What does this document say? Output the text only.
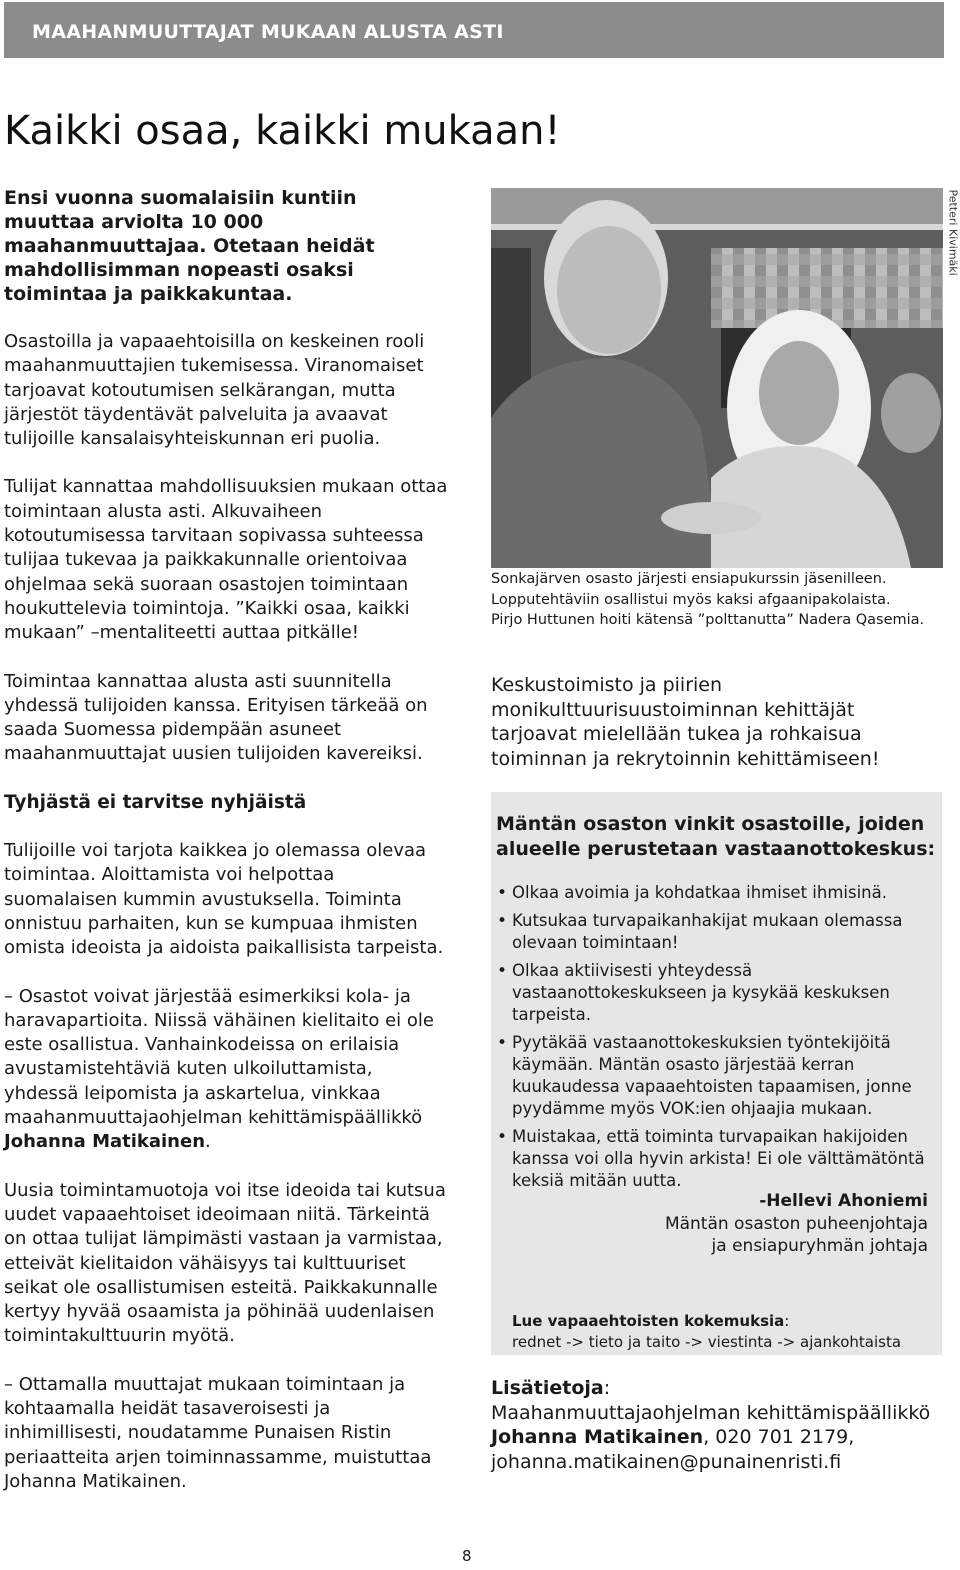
MAAHANMUUTTAJAT MUKAAN ALUSTA ASTI
Kaikki osaa, kaikki mukaan!

Ensi vuonna suomalaisiin kuntiin muuttaa arviolta 10 000 maahanmuuttajaa. Otetaan heidät mahdollisimman nopeasti osaksi toimintaa ja paikkakuntaa.

Osastoilla ja vapaaehtoisilla on keskeinen rooli maahanmuuttajien tukemisessa. Viranomaiset tarjoavat kotoutumisen selkärangan, mutta järjestöt täydentävät palveluita ja avaavat tulijoille kansalaisyhteiskunnan eri puolia.

Tulijat kannattaa mahdollisuuksien mukaan ottaa toimintaan alusta asti. Alkuvaiheen kotoutumisessa tarvitaan sopivassa suhteessa tulijaa tukevaa ja paikkakunnalle orientoivaa ohjelmaa sekä suoraan osastojen toimintaan houkuttelevia toimintoja. ”Kaikki osaa, kaikki mukaan” –mentaliteetti auttaa pitkälle!

Toimintaa kannattaa alusta asti suunnitella yhdessä tulijoiden kanssa. Erityisen tärkeää on saada Suomessa pidempään asuneet maahanmuuttajat uusien tulijoiden kavereiksi.

Tyhjästä ei tarvitse nyhjäistä

Tulijoille voi tarjota kaikkea jo olemassa olevaa toimintaa. Aloittamista voi helpottaa suomalaisen kummin avustuksella. Toiminta onnistuu parhaiten, kun se kumpuaa ihmisten omista ideoista ja aidoista paikallisista tarpeista.

– Osastot voivat järjestää esimerkiksi kola- ja haravapartioita. Niissä vähäinen kielitaito ei ole este osallistua. Vanhainkodeissa on erilaisia avustamistehtäviä kuten ulkoiluttamista, yhdessä leipomista ja askartelua, vinkkaa maahanmuuttajaohjelman kehittämispäällikkö Johanna Matikainen.

Uusia toimintamuotoja voi itse ideoida tai kutsua uudet vapaaehtoiset ideoimaan niitä. Tärkeintä on ottaa tulijat lämpimästi vastaan ja varmistaa, etteivät kielitaidon vähäisyys tai kulttuuriset seikat ole osallistumisen esteitä. Paikkakunnalle kertyy hyvää osaamista ja pöhinää uudenlaisen toimintakulttuurin myötä.

– Ottamalla muuttajat mukaan toimintaan ja kohtaamalla heidät tasaveroisesti ja inhimillisesti, noudatamme Punaisen Ristin periaatteita arjen toiminnassamme, muistuttaa Johanna Matikainen.

Petteri Kivimäki
Sonkajärven osasto järjesti ensiapukurssin jäsenilleen.
Lopputehtäviin osallistui myös kaksi afgaanipakolaista.
Pirjo Huttunen hoiti kätensä ”polttanutta” Nadera Qasemia.

Keskustoimisto ja piirien monikulttuurisuustoiminnan kehittäjät tarjoavat mielellään tukea ja rohkaisua toiminnan ja rekrytoinnin kehittämiseen!

Mäntän osaston vinkit osastoille, joiden alueelle perustetaan vastaanottokeskus:

• Olkaa avoimia ja kohdatkaa ihmiset ihmisinä.
• Kutsukaa turvapaikanhakijat mukaan olemassa olevaan toimintaan!
• Olkaa aktiivisesti yhteydessä vastaanottokeskukseen ja kysykää keskuksen tarpeista.
• Pyytäkää vastaanottokeskuksien työntekijöitä käymään. Mäntän osasto järjestää kerran kuukaudessa vapaaehtoisten tapaamisen, jonne pyydämme myös VOK:ien ohjaajia mukaan.
• Muistakaa, että toiminta turvapaikan hakijoiden kanssa voi olla hyvin arkista! Ei ole välttämätöntä keksiä mitään uutta.
-Hellevi Ahoniemi
Mäntän osaston puheenjohtaja
ja ensiapuryhmän johtaja
Lue vapaaehtoisten kokemuksia:
rednet -> tieto ja taito -> viestinta -> ajankohtaista
Lisätietoja:
Maahanmuuttajaohjelman kehittämispäällikkö
Johanna Matikainen, 020 701 2179,
johanna.matikainen@punainenristi.fi
8
